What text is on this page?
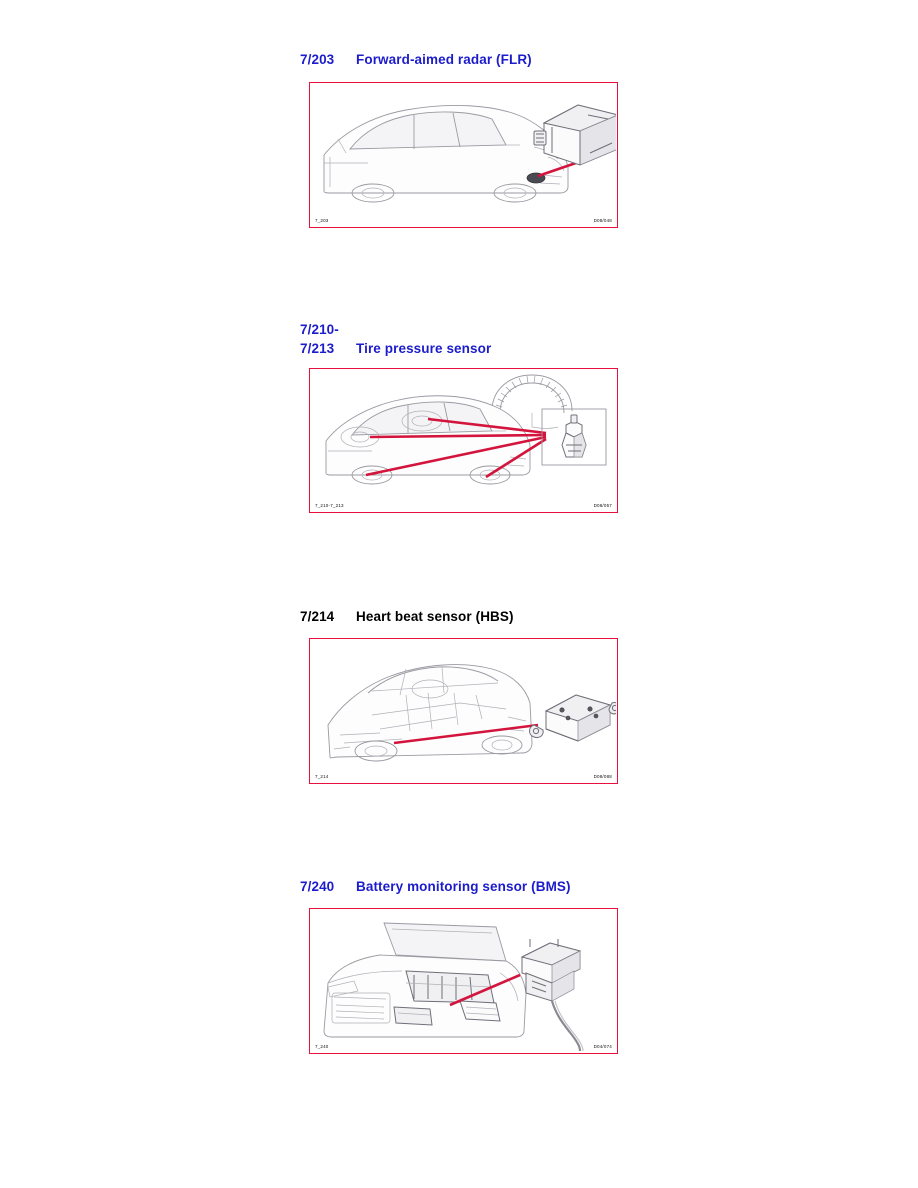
7/203	Forward-aimed radar (FLR)
7_203	D08/048
7/210-
7/213	Tire pressure sensor
7_210-7_213	D08/057
7/214	Heart beat sensor (HBS)
7_214	D08/088
7/240	Battery monitoring sensor (BMS)
7_240	D04/074
